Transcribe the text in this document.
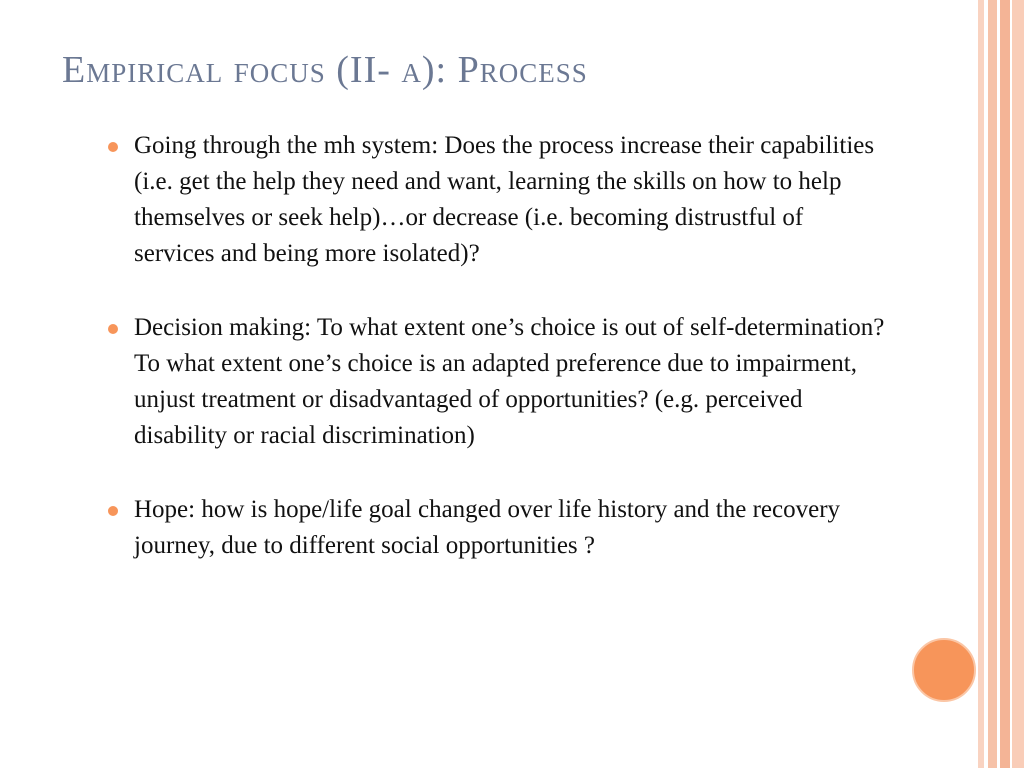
Empirical focus (II- a): Process
Going through the mh system: Does the process increase their capabilities (i.e. get the help they need and want, learning the skills on how to help themselves or seek help)…or decrease (i.e. becoming distrustful of services and being more isolated)?
Decision making: To what extent one’s choice is out of self-determination? To what extent one’s choice is an adapted preference due to impairment, unjust treatment or disadvantaged of opportunities? (e.g. perceived disability or racial discrimination)
Hope: how is hope/life goal changed over life history and the recovery journey, due to different social opportunities ?
